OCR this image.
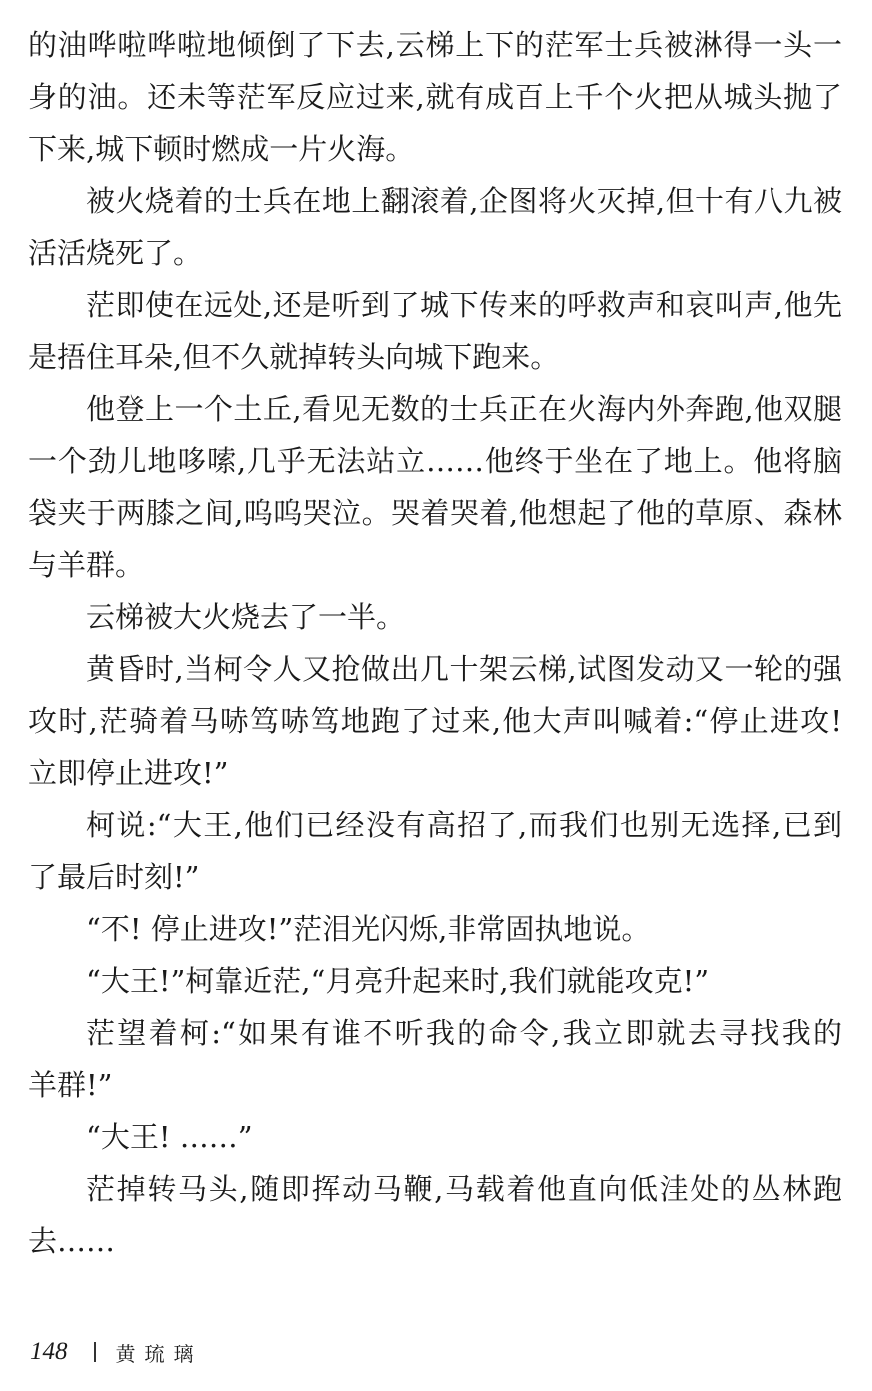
的油哗啦哗啦地倾倒了下去,云梯上下的茫军士兵被淋得一头一
身的油。还未等茫军反应过来,就有成百上千个火把从城头抛了
下来,城下顿时燃成一片火海。
被火烧着的士兵在地上翻滚着,企图将火灭掉,但十有八九被
活活烧死了。
茫即使在远处,还是听到了城下传来的呼救声和哀叫声,他先
是捂住耳朵,但不久就掉转头向城下跑来。
他登上一个土丘,看见无数的士兵正在火海内外奔跑,他双腿
一个劲儿地哆嗦,几乎无法站立……他终于坐在了地上。他将脑
袋夹于两膝之间,呜呜哭泣。哭着哭着,他想起了他的草原、森林
与羊群。
云梯被大火烧去了一半。
黄昏时,当柯令人又抢做出几十架云梯,试图发动又一轮的强
攻时,茫骑着马哧笃哧笃地跑了过来,他大声叫喊着:“停止进攻!
立即停止进攻!”
柯说:“大王,他们已经没有高招了,而我们也别无选择,已到
了最后时刻!”
“不! 停止进攻!”茫泪光闪烁,非常固执地说。
“大王!”柯靠近茫,“月亮升起来时,我们就能攻克!”
茫望着柯:“如果有谁不听我的命令,我立即就去寻找我的
羊群!”
“大王! ……”
茫掉转马头,随即挥动马鞭,马载着他直向低洼处的丛林跑
去……
148 黄琉璃
